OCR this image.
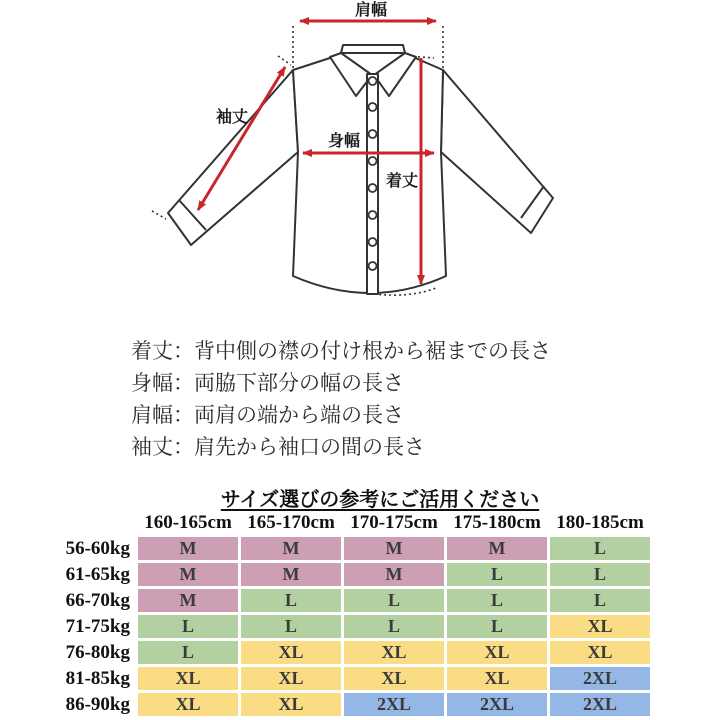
肩幅
袖丈
身幅
着丈
着丈：背中側の襟の付け根から裾までの長さ
身幅：両脇下部分の幅の長さ
肩幅：両肩の端から端の長さ
袖丈：肩先から袖口の間の長さ
サイズ選びの参考にご活用ください
160-165cm 165-170cm 170-175cm 175-180cm 180-185cm
56-60kg	M	M	M	M	L
61-65kg	M	M	M	L	L
66-70kg	M	L	L	L	L
71-75kg	L	L	L	L	XL
76-80kg	L	XL	XL	XL	XL
81-85kg	XL	XL	XL	XL	2XL
86-90kg	XL	XL	2XL	2XL	2XL
